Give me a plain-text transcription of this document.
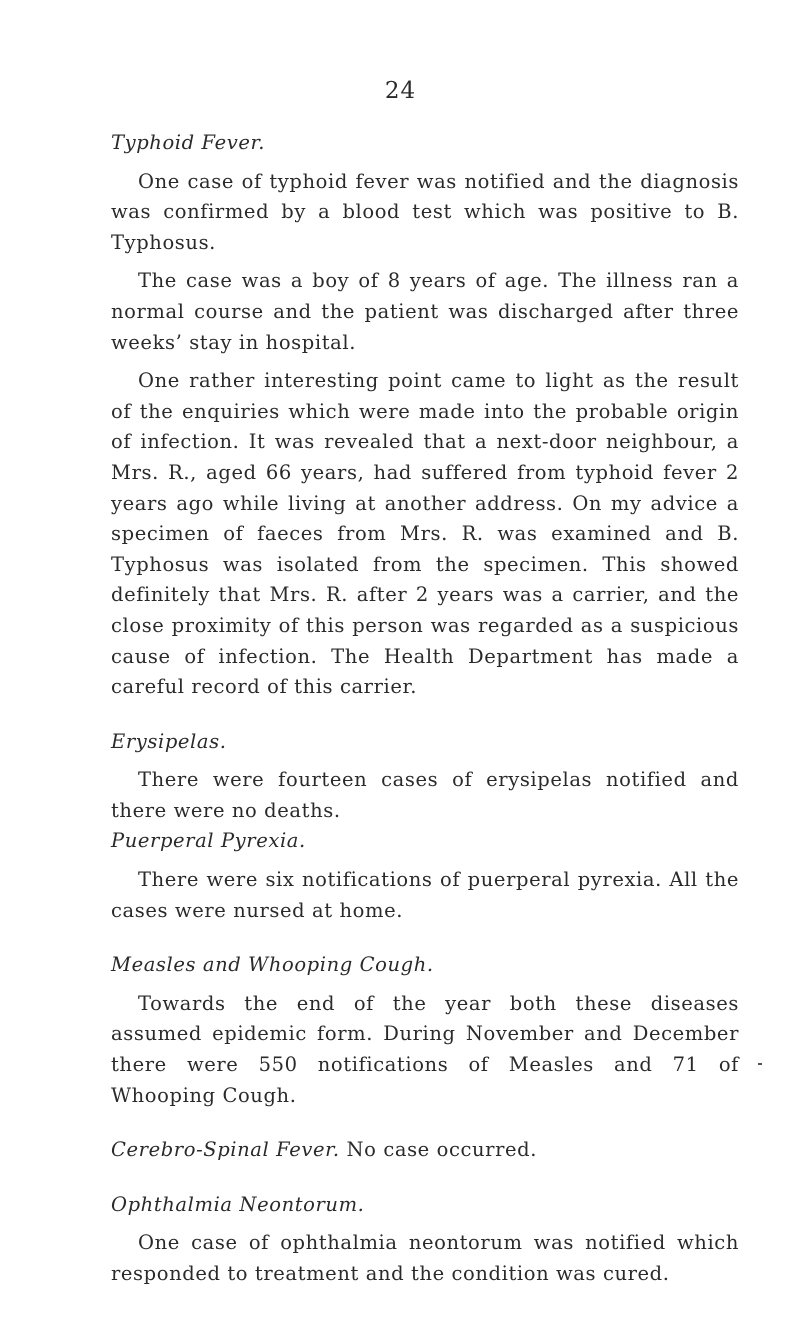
24

Typhoid Fever.

One case of typhoid fever was notified and the diagnosis was confirmed by a blood test which was positive to B. Typhosus.

The case was a boy of 8 years of age. The illness ran a normal course and the patient was discharged after three weeks’ stay in hospital.

One rather interesting point came to light as the result of the enquiries which were made into the probable origin of infection. It was revealed that a next-door neighbour, a Mrs. R., aged 66 years, had suffered from typhoid fever 2 years ago while living at another address. On my advice a specimen of faeces from Mrs. R. was examined and B. Typhosus was isolated from the specimen. This showed definitely that Mrs. R. after 2 years was a carrier, and the close proximity of this person was regarded as a suspicious cause of infection. The Health Department has made a careful record of this carrier.

Erysipelas.

There were fourteen cases of erysipelas notified and there were no deaths.

Puerperal Pyrexia.

There were six notifications of puerperal pyrexia. All the cases were nursed at home.

Measles and Whooping Cough.

Towards the end of the year both these diseases assumed epidemic form. During November and December there were 550 notifications of Measles and 71 of Whooping Cough.

Cerebro-Spinal Fever. No case occurred.

Ophthalmia Neontorum.

One case of ophthalmia neontorum was notified which responded to treatment and the condition was cured.
